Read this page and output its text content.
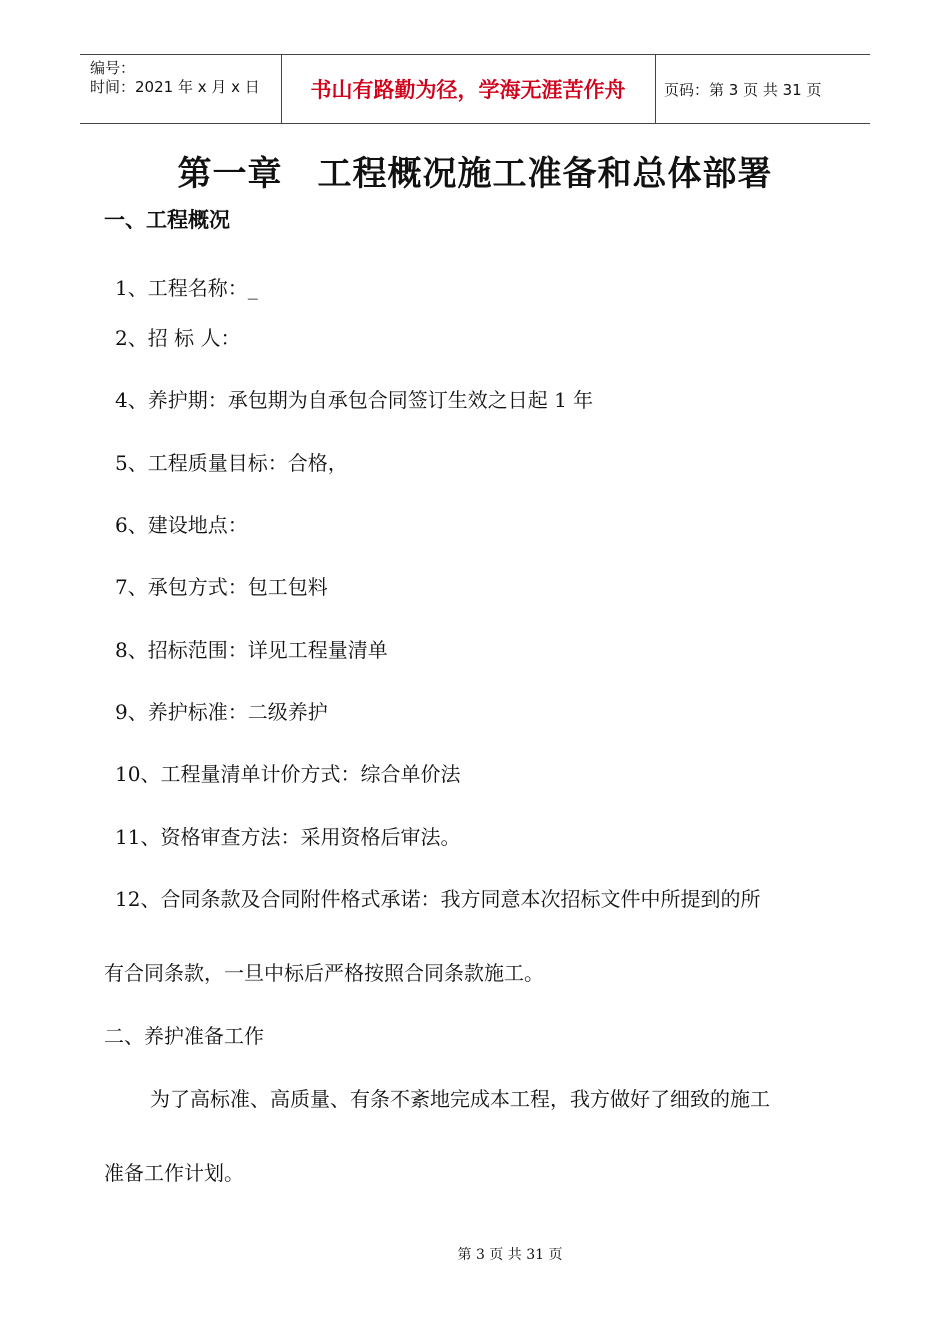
编号：
时间：2021 年 x 月 x 日	书山有路勤为径，学海无涯苦作舟	页码：第 3 页 共 31 页
第一章　工程概况施工准备和总体部署
一、工程概况
1、工程名称：_
2、招 标 人：
4、养护期：承包期为自承包合同签订生效之日起 1 年
5、工程质量目标：合格，
6、建设地点：
7、承包方式：包工包料
8、招标范围：详见工程量清单
9、养护标准：二级养护
10、工程量清单计价方式：综合单价法
11、资格审查方法：采用资格后审法。
12、合同条款及合同附件格式承诺：我方同意本次招标文件中所提到的所
有合同条款，一旦中标后严格按照合同条款施工。
二、养护准备工作
为了高标准、高质量、有条不紊地完成本工程，我方做好了细致的施工
准备工作计划。
第 3 页 共 31 页
